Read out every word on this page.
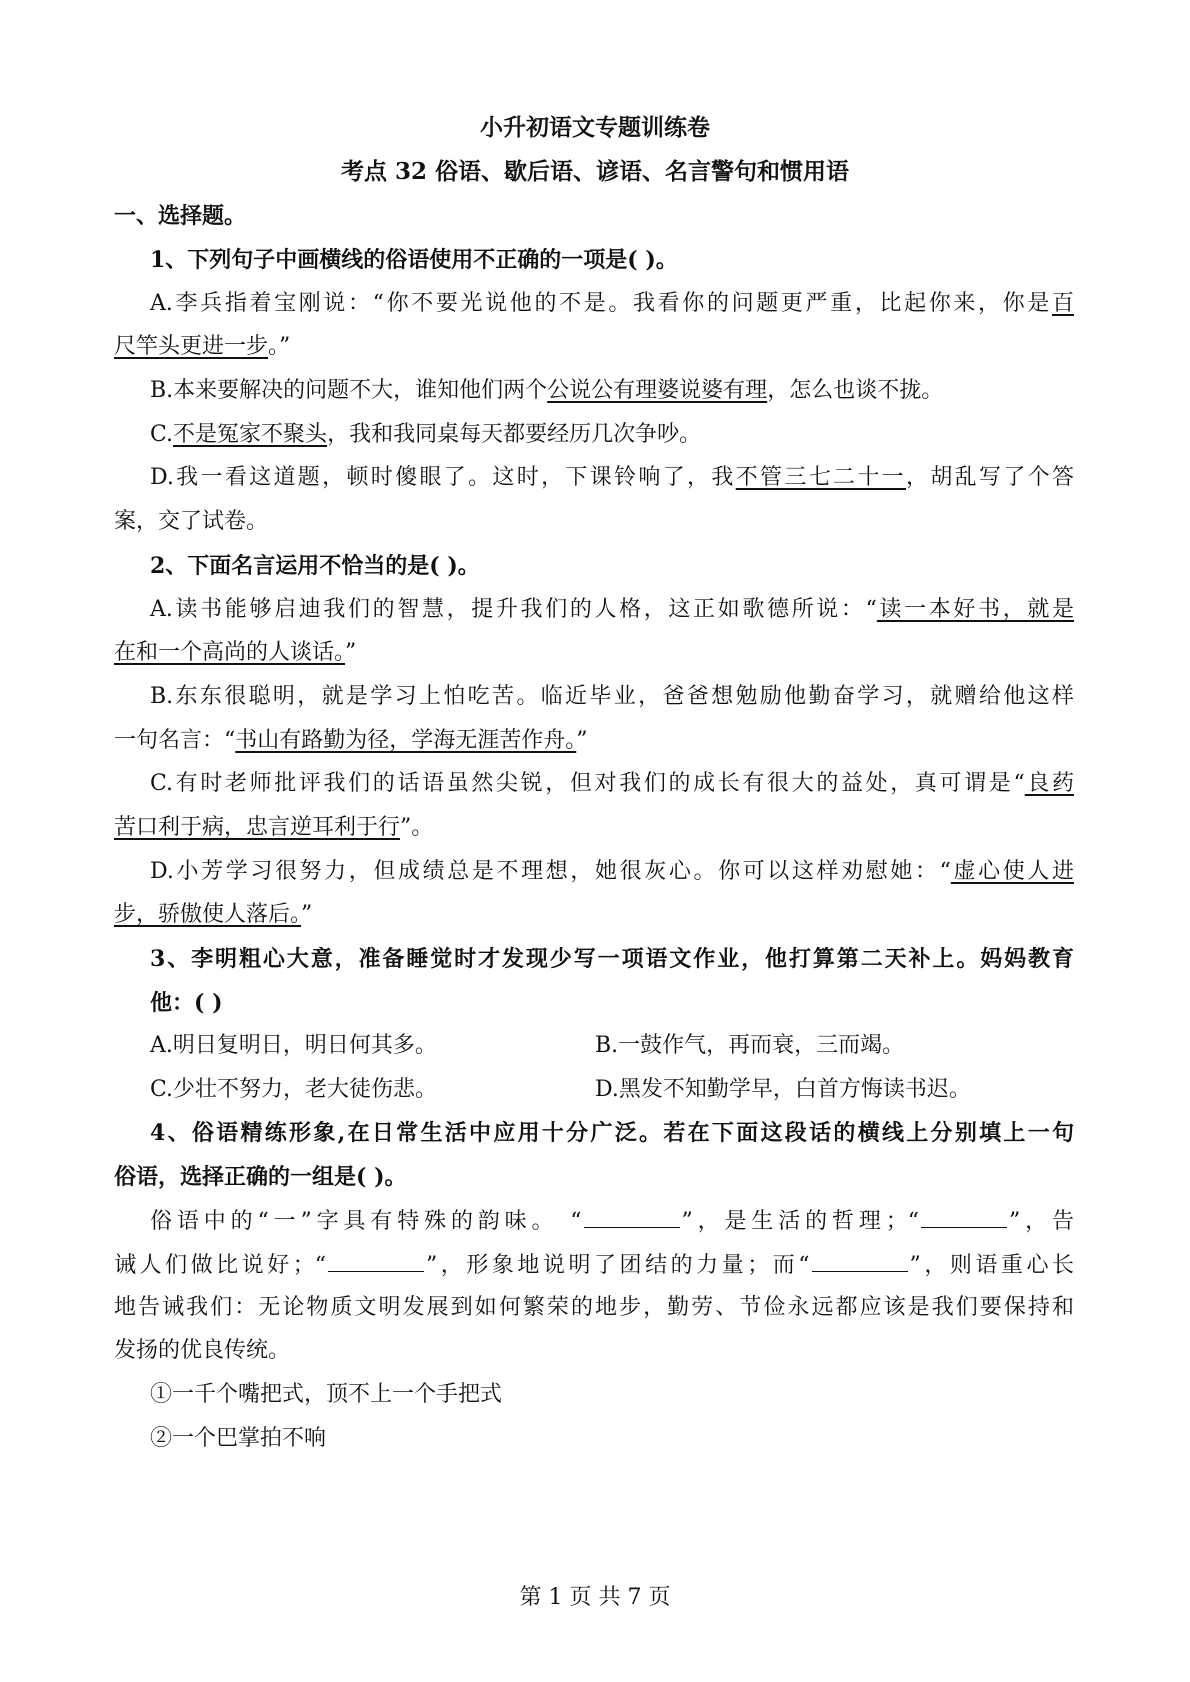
小升初语文专题训练卷
考点 32 俗语、歇后语、谚语、名言警句和惯用语
一、选择题。
1、下列句子中画横线的俗语使用不正确的一项是( )。
A.李兵指着宝刚说：“你不要光说他的不是。我看你的问题更严重，比起你来，你是百
尺竿头更进一步。”
B.本来要解决的问题不大，谁知他们两个公说公有理婆说婆有理，怎么也谈不拢。
C.不是冤家不聚头，我和我同桌每天都要经历几次争吵。
D.我一看这道题，顿时傻眼了。这时，下课铃响了，我不管三七二十一，胡乱写了个答
案，交了试卷。
2、下面名言运用不恰当的是( )。
A.读书能够启迪我们的智慧，提升我们的人格，这正如歌德所说：“读一本好书，就是
在和一个高尚的人谈话。”
B.东东很聪明，就是学习上怕吃苦。临近毕业，爸爸想勉励他勤奋学习，就赠给他这样
一句名言：“书山有路勤为径，学海无涯苦作舟。”
C.有时老师批评我们的话语虽然尖锐，但对我们的成长有很大的益处，真可谓是“良药
苦口利于病，忠言逆耳利于行”。
D.小芳学习很努力，但成绩总是不理想，她很灰心。你可以这样劝慰她：“虚心使人进
步，骄傲使人落后。”
3、李明粗心大意，准备睡觉时才发现少写一项语文作业，他打算第二天补上。妈妈教育
他：( )
A.明日复明日，明日何其多。	B.一鼓作气，再而衰，三而竭。
C.少壮不努力，老大徒伤悲。	D.黑发不知勤学早，白首方悔读书迟。
4、俗语精练形象,在日常生活中应用十分广泛。若在下面这段话的横线上分别填上一句
俗语，选择正确的一组是( )。
俗语中的“一”字具有特殊的韵味。 “	”，是生活的哲理；“	”，告
诫人们做比说好；“	”，形象地说明了团结的力量；而“	”，则语重心长
地告诫我们：无论物质文明发展到如何繁荣的地步，勤劳、节俭永远都应该是我们要保持和
发扬的优良传统。
①一千个嘴把式，顶不上一个手把式
②一个巴掌拍不响
第 1 页 共 7 页
